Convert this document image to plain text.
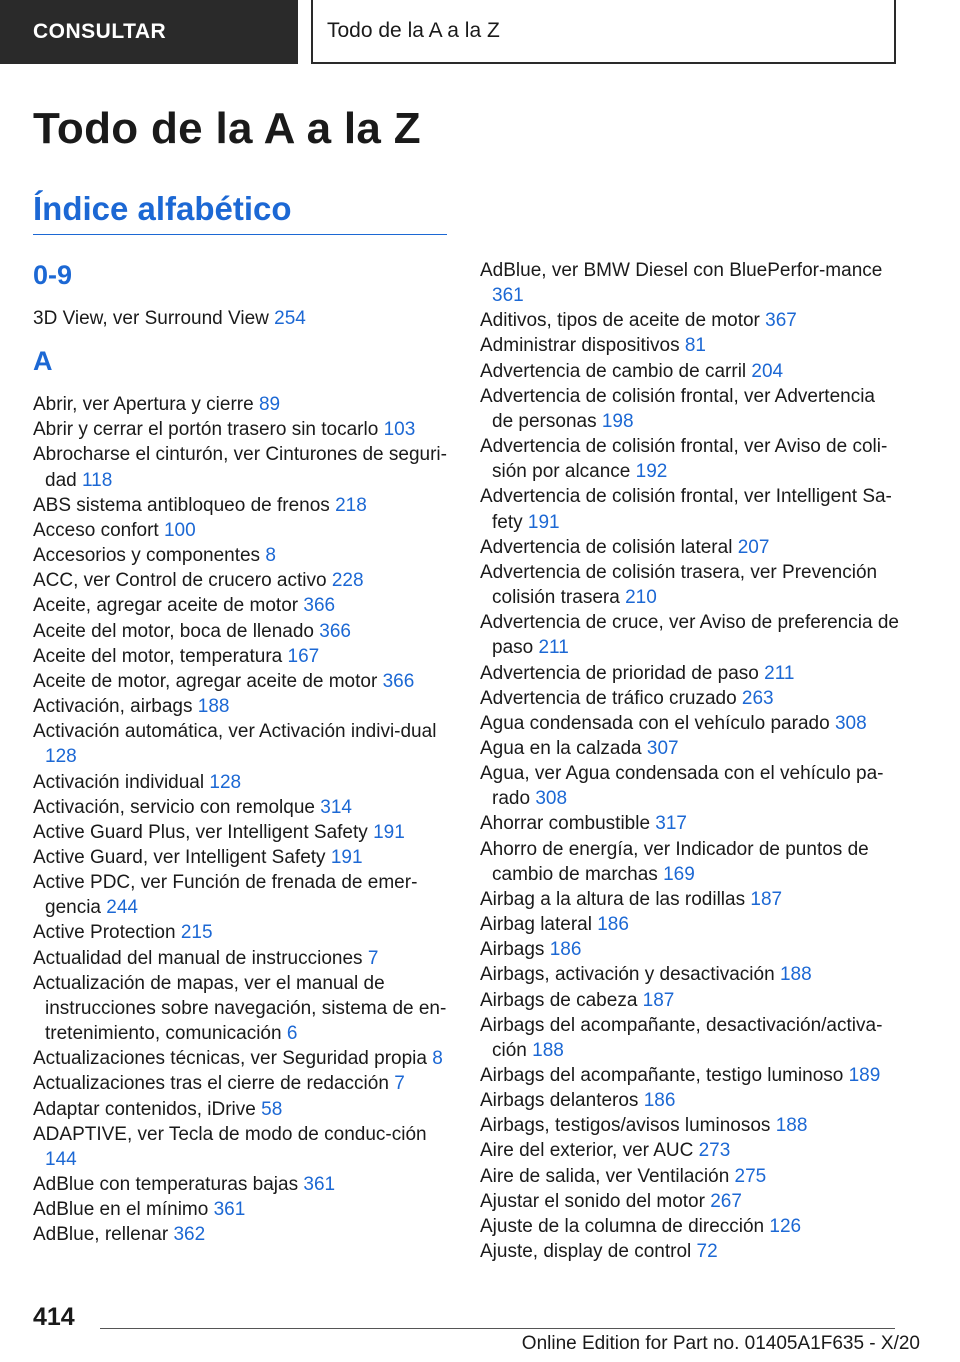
CONSULTAR	Todo de la A a la Z
Todo de la A a la Z
Índice alfabético
0-9
3D View, ver Surround View 254
A
Abrir, ver Apertura y cierre 89
Abrir y cerrar el portón trasero sin tocarlo 103
Abrocharse el cinturón, ver Cinturones de seguri-dad 118
ABS sistema antibloqueo de frenos 218
Acceso confort 100
Accesorios y componentes 8
ACC, ver Control de crucero activo 228
Aceite, agregar aceite de motor 366
Aceite del motor, boca de llenado 366
Aceite del motor, temperatura 167
Aceite de motor, agregar aceite de motor 366
Activación, airbags 188
Activación automática, ver Activación indivi-dual 128
Activación individual 128
Activación, servicio con remolque 314
Active Guard Plus, ver Intelligent Safety 191
Active Guard, ver Intelligent Safety 191
Active PDC, ver Función de frenada de emer-gencia 244
Active Protection 215
Actualidad del manual de instrucciones 7
Actualización de mapas, ver el manual de instrucciones sobre navegación, sistema de en-tretenimiento, comunicación 6
Actualizaciones técnicas, ver Seguridad propia 8
Actualizaciones tras el cierre de redacción 7
Adaptar contenidos, iDrive 58
ADAPTIVE, ver Tecla de modo de conduc-ción 144
AdBlue con temperaturas bajas 361
AdBlue en el mínimo 361
AdBlue, rellenar 362
AdBlue, ver BMW Diesel con BluePerfor-mance 361
Aditivos, tipos de aceite de motor 367
Administrar dispositivos 81
Advertencia de cambio de carril 204
Advertencia de colisión frontal, ver Advertencia de personas 198
Advertencia de colisión frontal, ver Aviso de coli-sión por alcance 192
Advertencia de colisión frontal, ver Intelligent Sa-fety 191
Advertencia de colisión lateral 207
Advertencia de colisión trasera, ver Prevención colisión trasera 210
Advertencia de cruce, ver Aviso de preferencia de paso 211
Advertencia de prioridad de paso 211
Advertencia de tráfico cruzado 263
Agua condensada con el vehículo parado 308
Agua en la calzada 307
Agua, ver Agua condensada con el vehículo pa-rado 308
Ahorrar combustible 317
Ahorro de energía, ver Indicador de puntos de cambio de marchas 169
Airbag a la altura de las rodillas 187
Airbag lateral 186
Airbags 186
Airbags, activación y desactivación 188
Airbags de cabeza 187
Airbags del acompañante, desactivación/activa-ción 188
Airbags del acompañante, testigo luminoso 189
Airbags delanteros 186
Airbags, testigos/avisos luminosos 188
Aire del exterior, ver AUC 273
Aire de salida, ver Ventilación 275
Ajustar el sonido del motor 267
Ajuste de la columna de dirección 126
Ajuste, display de control 72
414
Online Edition for Part no. 01405A1F635 - X/20
